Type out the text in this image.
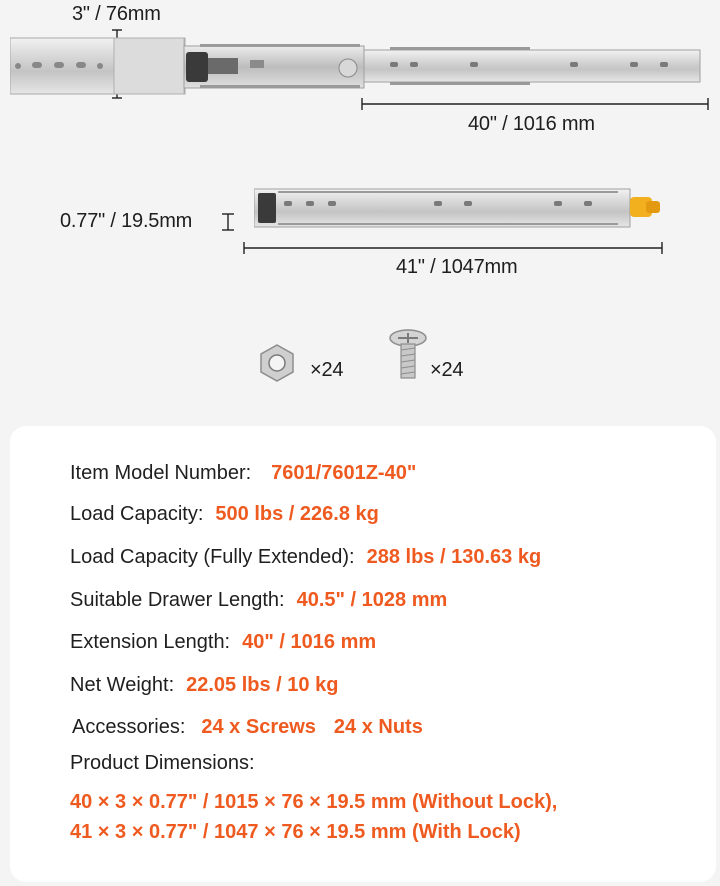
3" / 76mm
40" / 1016 mm
0.77" / 19.5mm
41" / 1047mm
×24	×24
Item Model Number: 7601/7601Z-40"
Load Capacity: 500 lbs / 226.8 kg
Load Capacity (Fully Extended): 288 lbs / 130.63 kg
Suitable Drawer Length: 40.5" / 1028 mm
Extension Length: 40" / 1016 mm
Net Weight: 22.05 lbs / 10 kg
Accessories: 24 x Screws 24 x Nuts
Product Dimensions:
40 × 3 × 0.77" / 1015 × 76 × 19.5 mm (Without Lock),
41 × 3 × 0.77" / 1047 × 76 × 19.5 mm (With Lock)
